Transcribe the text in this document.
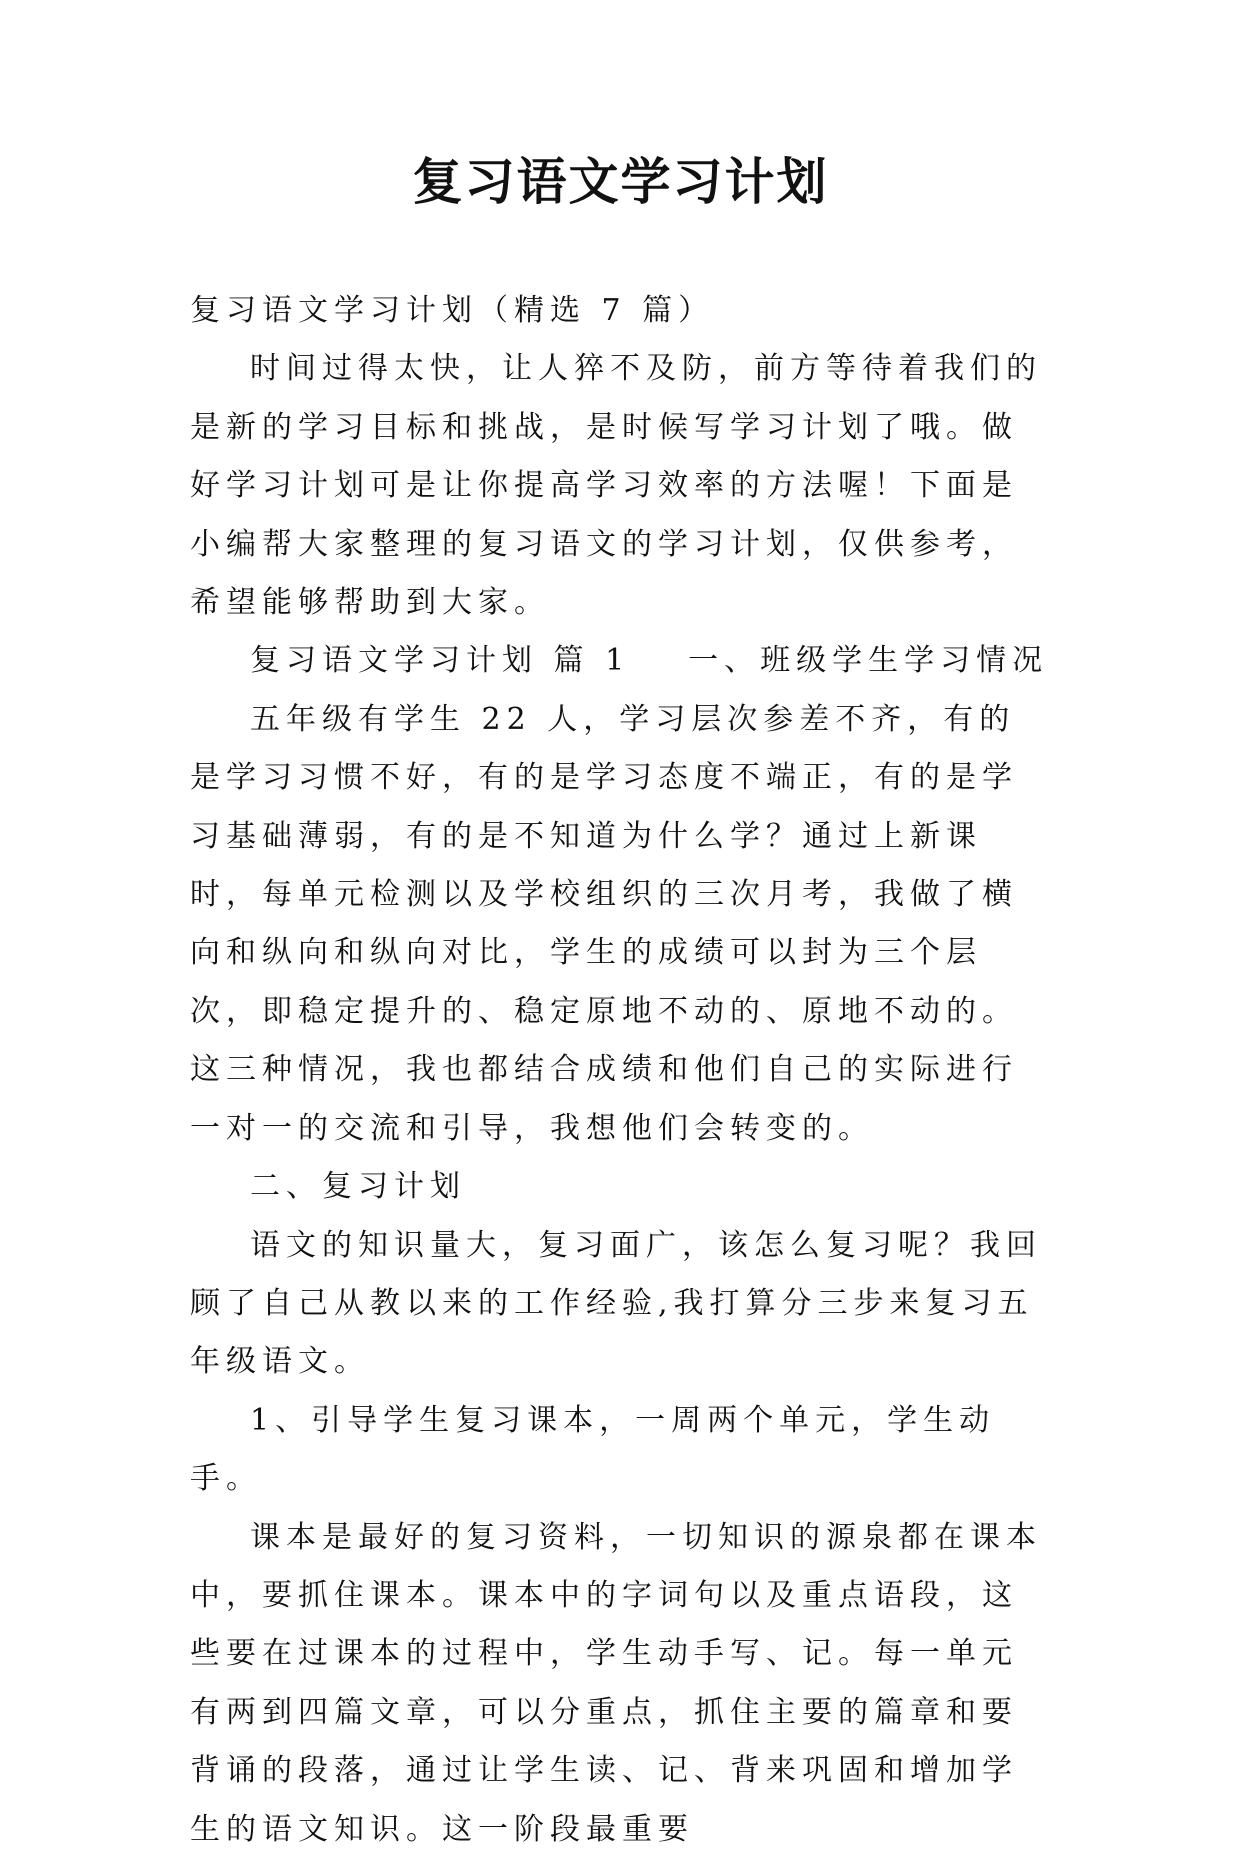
复习语文学习计划

复习语文学习计划（精选 7 篇）

时间过得太快，让人猝不及防，前方等待着我们的是新的学习目标和挑战，是时候写学习计划了哦。做好学习计划可是让你提高学习效率的方法喔！下面是小编帮大家整理的复习语文的学习计划，仅供参考，希望能够帮助到大家。

复习语文学习计划 篇 1 一、班级学生学习情况

五年级有学生 22 人，学习层次参差不齐，有的是学习习惯不好，有的是学习态度不端正，有的是学习基础薄弱，有的是不知道为什么学？通过上新课时，每单元检测以及学校组织的三次月考，我做了横向和纵向和纵向对比，学生的成绩可以封为三个层次，即稳定提升的、稳定原地不动的、原地不动的。这三种情况，我也都结合成绩和他们自己的实际进行一对一的交流和引导，我想他们会转变的。

二、复习计划

语文的知识量大，复习面广，该怎么复习呢？我回顾了自己从教以来的工作经验,我打算分三步来复习五年级语文。

1、引导学生复习课本，一周两个单元，学生动手。

课本是最好的复习资料，一切知识的源泉都在课本中，要抓住课本。课本中的字词句以及重点语段，这些要在过课本的过程中，学生动手写、记。每一单元有两到四篇文章，可以分重点，抓住主要的篇章和要背诵的段落，通过让学生读、记、背来巩固和增加学生的语文知识。这一阶段最重要
